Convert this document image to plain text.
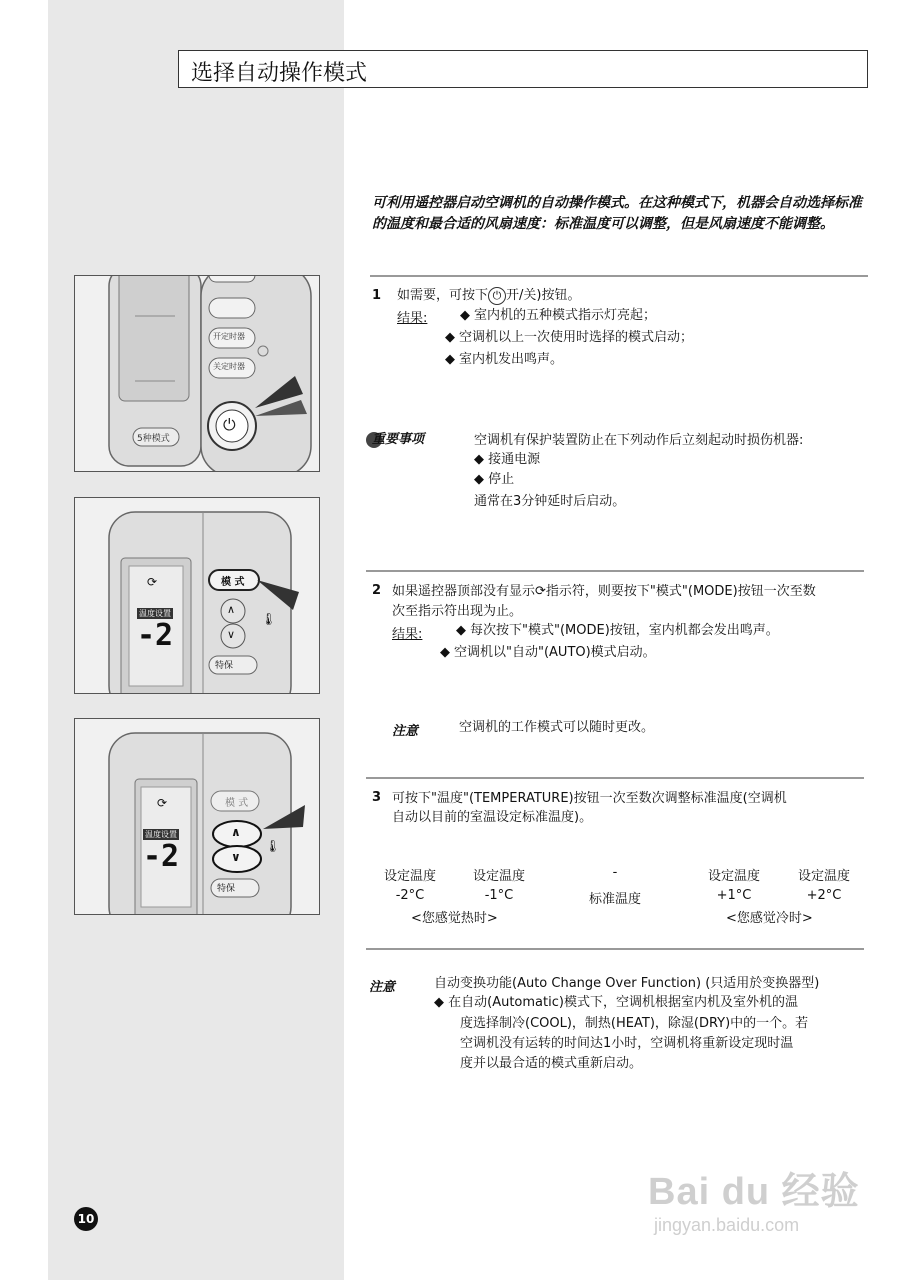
选择自动操作模式
可利用遥控器启动空调机的自动操作模式。在这种模式下，机器会自动选择标准的温度和最合适的风扇速度：标准温度可以调整，但是风扇速度不能调整。
开定时器
关定时器
5种模式
⏻
1 如需要，可按下 ⏻ 开/关)按钮。
结果:	◆ 室内机的五种模式指示灯亮起；
◆ 空调机以上一次使用时选择的模式启动；
◆ 室内机发出鸣声。
重要事项	空调机有保护装置防止在下列动作后立刻起动时损伤机器:
◆ 接通电源
◆ 停止
通常在3分钟延时后启动。
模 式
∧
∨
特保
⟳
温度设置
-2	🌡
2 如果遥控器顶部没有显示⟳指示符，则要按下"模式"(MODE)按钮一次至数
次至指示符出现为止。
结果:	◆ 每次按下"模式"(MODE)按钮，室内机都会发出鸣声。
◆ 空调机以"自动"(AUTO)模式启动。
注意	空调机的工作模式可以随时更改。
模 式
∧
∨
特保
⟳
温度设置
-2	🌡
3 可按下"温度"(TEMPERATURE)按钮一次至数次调整标准温度(空调机
自动以目前的室温设定标准温度)。
设定温度	设定温度	-	设定温度	设定温度
-2°C	-1°C	标准温度	+1°C	+2°C
<您感觉热时>	<您感觉冷时>
注意	自动变换功能(Auto Change Over Function) (只适用於变换器型)
◆ 在自动(Automatic)模式下，空调机根据室内机及室外机的温
度选择制冷(COOL)，制热(HEAT)，除湿(DRY)中的一个。若
空调机没有运转的时间达1小时，空调机将重新设定现时温
度并以最合适的模式重新启动。
10
Bai du 经验
jingyan.baidu.com
